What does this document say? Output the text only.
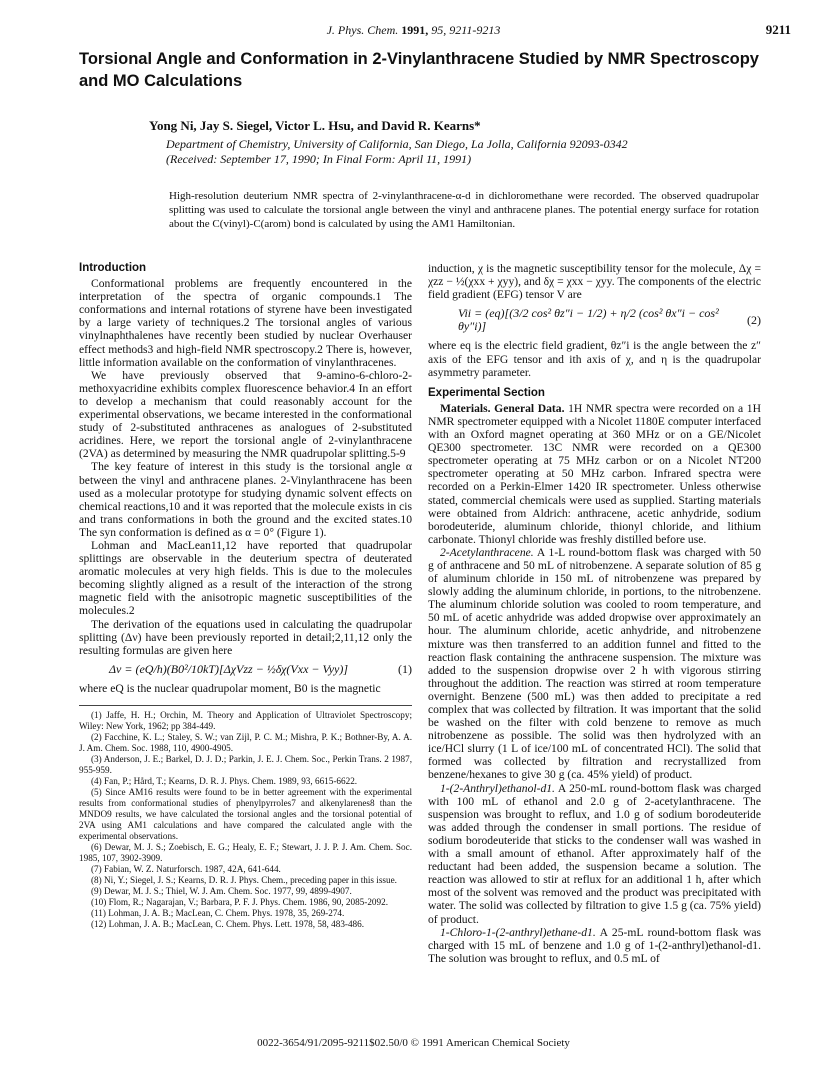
J. Phys. Chem. 1991, 95, 9211-9213	9211
Torsional Angle and Conformation in 2-Vinylanthracene Studied by NMR Spectroscopy and MO Calculations
Yong Ni, Jay S. Siegel, Victor L. Hsu, and David R. Kearns*
Department of Chemistry, University of California, San Diego, La Jolla, California 92093-0342
(Received: September 17, 1990; In Final Form: April 11, 1991)
High-resolution deuterium NMR spectra of 2-vinylanthracene-α-d in dichloromethane were recorded. The observed quadrupolar splitting was used to calculate the torsional angle between the vinyl and anthracene planes. The potential energy surface for rotation about the C(vinyl)-C(arom) bond is calculated by using the AM1 Hamiltonian.
Introduction

Conformational problems are frequently encountered in the interpretation of the spectra of organic compounds.1 The conformations and internal rotations of styrene have been investigated by a large variety of techniques.2 The torsional angles of various vinylnaphthalenes have recently been studied by nuclear Overhauser effect methods3 and high-field NMR spectroscopy.2 There is, however, little information available on the conformation of vinylanthracenes.

We have previously observed that 9-amino-6-chloro-2-methoxyacridine exhibits complex fluorescence behavior.4 In an effort to develop a mechanism that could reasonably account for the experimental observations, we became interested in the conformational study of 2-substituted anthracenes as analogues of 2-substituted acridines. Here, we report the torsional angle of 2-vinylanthracene (2VA) as determined by measuring the NMR quadrupolar splitting.5-9

The key feature of interest in this study is the torsional angle α between the vinyl and anthracene planes. 2-Vinylanthracene has been used as a molecular prototype for studying dynamic solvent effects on chemical reactions,10 and it was reported that the molecule exists in cis and trans conformations in both the ground and the excited states.10 The syn conformation is defined as α = 0° (Figure 1).

Lohman and MacLean11,12 have reported that quadrupolar splittings are observable in the deuterium spectra of deuterated aromatic molecules at very high fields. This is due to the molecules becoming slightly aligned as a result of the interaction of the strong magnetic field with the anisotropic magnetic susceptibilities of the molecules.2

The derivation of the equations used in calculating the quadrupolar splitting (Δν) have been previously reported in detail;2,11,12 only the resulting formulas are given here

Δν = (eQ/h)(B0²/10kT)[ΔχVzz − ½δχ(Vxx − Vyy)]	(1)

where eQ is the nuclear quadrupolar moment, B0 is the magnetic

(1) Jaffe, H. H.; Orchin, M. Theory and Application of Ultraviolet Spectroscopy; Wiley: New York, 1962; pp 384-449.

(2) Facchine, K. L.; Staley, S. W.; van Zijl, P. C. M.; Mishra, P. K.; Bothner-By, A. A. J. Am. Chem. Soc. 1988, 110, 4900-4905.

(3) Anderson, J. E.; Barkel, D. J. D.; Parkin, J. E. J. Chem. Soc., Perkin Trans. 2 1987, 955-959.

(4) Fan, P.; Hård, T.; Kearns, D. R. J. Phys. Chem. 1989, 93, 6615-6622.

(5) Since AM16 results were found to be in better agreement with the experimental results from conformational studies of phenylpyrroles7 and alkenylarenes8 than the MNDO9 results, we have calculated the torsional angles and the torsional potential of 2VA using AM1 calculations and have compared the calculated angle with the experimental observations.

(6) Dewar, M. J. S.; Zoebisch, E. G.; Healy, E. F.; Stewart, J. J. P. J. Am. Chem. Soc. 1985, 107, 3902-3909.

(7) Fabian, W. Z. Naturforsch. 1987, 42A, 641-644.

(8) Ni, Y.; Siegel, J. S.; Kearns, D. R. J. Phys. Chem., preceding paper in this issue.

(9) Dewar, M. J. S.; Thiel, W. J. Am. Chem. Soc. 1977, 99, 4899-4907.

(10) Flom, R.; Nagarajan, V.; Barbara, P. F. J. Phys. Chem. 1986, 90, 2085-2092.

(11) Lohman, J. A. B.; MacLean, C. Chem. Phys. 1978, 35, 269-274.

(12) Lohman, J. A. B.; MacLean, C. Chem. Phys. Lett. 1978, 58, 483-486.

induction, χ is the magnetic susceptibility tensor for the molecule, Δχ = χzz − ½(χxx + χyy), and δχ = χxx − χyy. The components of the electric field gradient (EFG) tensor V are

Vii = (eq)[(3/2 cos² θz″i − 1/2) + η/2 (cos² θx″i − cos² θy″i)]	(2)

where eq is the electric field gradient, θz″i is the angle between the z″ axis of the EFG tensor and ith axis of χ, and η is the quadrupolar asymmetry parameter.

Experimental Section

Materials. General Data. 1H NMR spectra were recorded on a 1H NMR spectrometer equipped with a Nicolet 1180E computer interfaced with an Oxford magnet operating at 360 MHz or on a GE/Nicolet QE300 spectrometer. 13C NMR were recorded on a QE300 spectrometer operating at 75 MHz carbon or on a Nicolet NT200 spectrometer operating at 50 MHz carbon. Infrared spectra were recorded on a Perkin-Elmer 1420 IR spectrometer. Unless otherwise stated, commercial chemicals were used as supplied. Starting materials were obtained from Aldrich: anthracene, acetic anhydride, sodium borodeuteride, aluminum chloride, thionyl chloride, and lithium carbonate. Thionyl chloride was freshly distilled before use.

2-Acetylanthracene. A 1-L round-bottom flask was charged with 50 g of anthracene and 50 mL of nitrobenzene. A separate solution of 85 g of aluminum chloride in 150 mL of nitrobenzene was prepared by slowly adding the aluminum chloride, in portions, to the nitrobenzene. The aluminum chloride solution was cooled to room temperature, and 50 mL of acetic anhydride was added dropwise over approximately an hour. The aluminum chloride, acetic anhydride, and nitrobenzene mixture was then transferred to an addition funnel and fitted to the reaction flask containing the anthracene suspension. The mixture was added to the suspension dropwise over 2 h with vigorous stirring throughout the addition. The reaction was stirred at room temperature overnight. Benzene (500 mL) was then added to precipitate a red complex that was collected by filtration. It was important that the solid be washed on the filter with cold benzene to remove as much nitrobenzene as possible. The solid was then hydrolyzed with an ice/HCl slurry (1 L of ice/100 mL of concentrated HCl). The solid that formed was collected by filtration and recrystallized from benzene/hexanes to give 30 g (ca. 45% yield) of product.

1-(2-Anthryl)ethanol-d1. A 250-mL round-bottom flask was charged with 100 mL of ethanol and 2.0 g of 2-acetylanthracene. The suspension was brought to reflux, and 1.0 g of sodium borodeuteride was added through the condenser in small portions. The residue of sodium borodeuteride that sticks to the condenser wall was washed in with a small amount of ethanol. After approximately half of the reductant had been added, the suspension became a solution. The reaction was allowed to stir at reflux for an additional 1 h, after which most of the solvent was removed and the product was precipitated with water. The solid was collected by filtration to give 1.5 g (ca. 75% yield) of product.

1-Chloro-1-(2-anthryl)ethane-d1. A 25-mL round-bottom flask was charged with 15 mL of benzene and 1.0 g of 1-(2-anthryl)ethanol-d1. The solution was brought to reflux, and 0.5 mL of

0022-3654/91/2095-9211$02.50/0 © 1991 American Chemical Society
